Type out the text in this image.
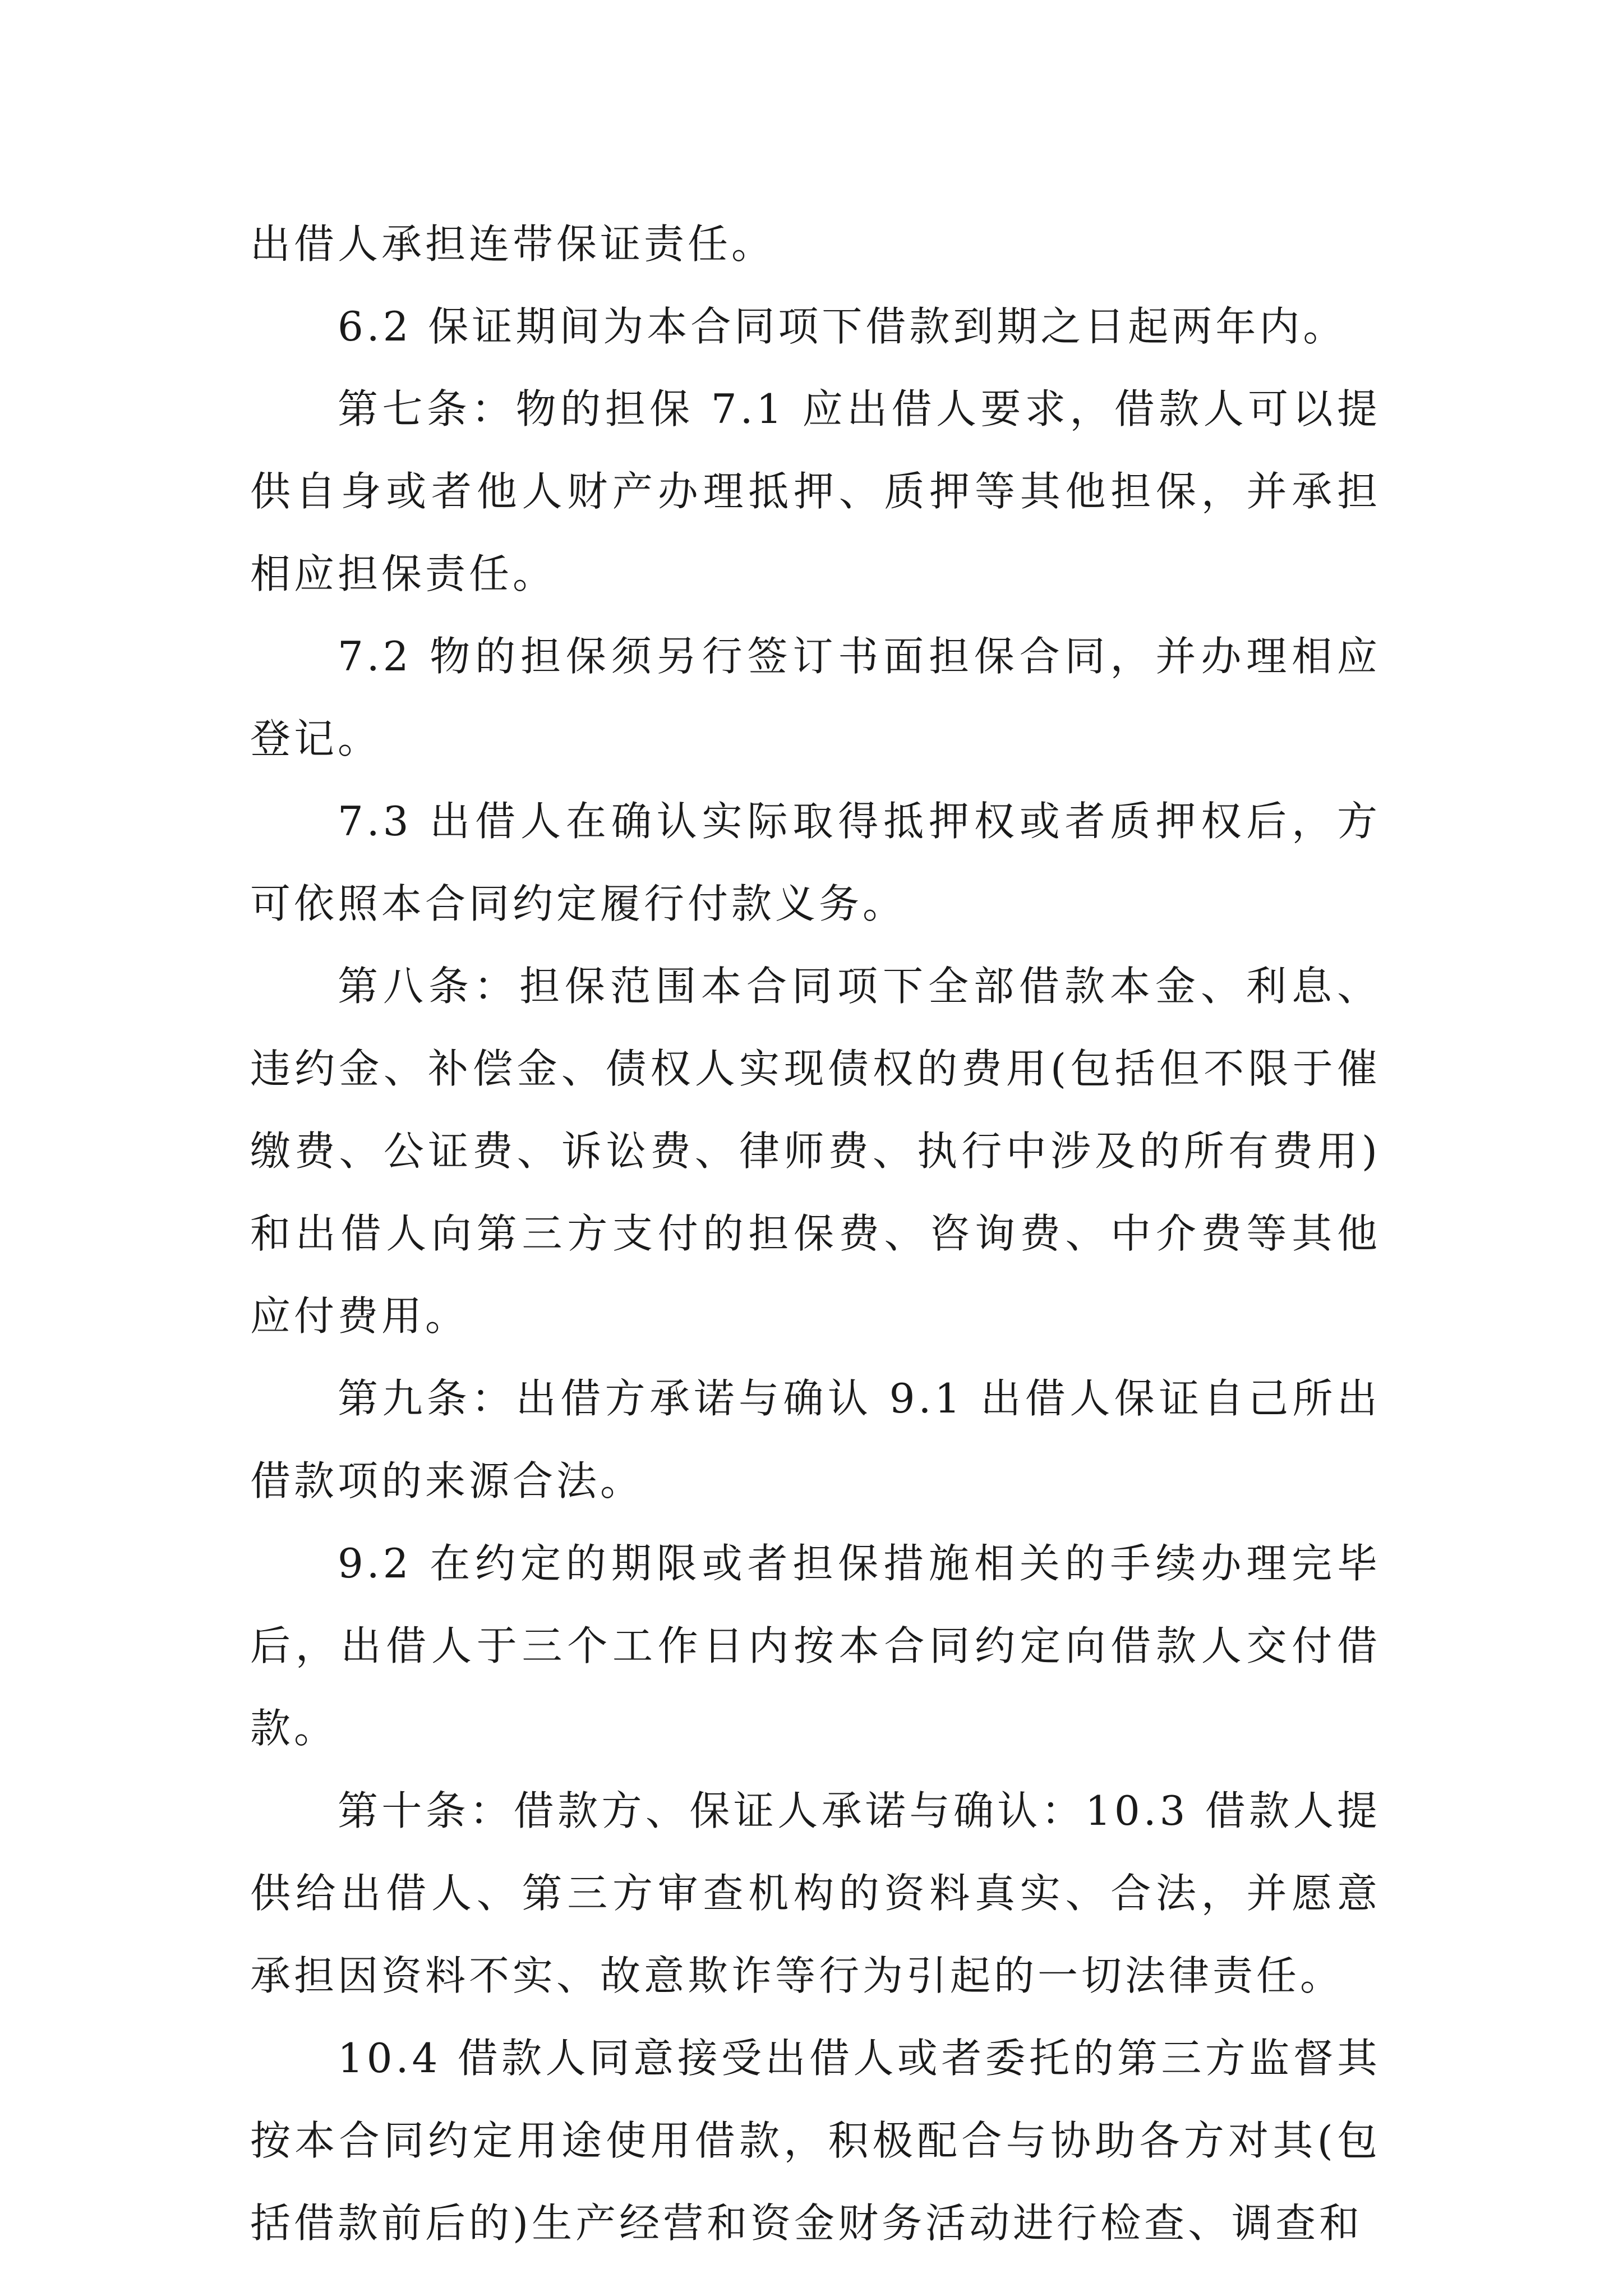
出借人承担连带保证责任。

6.2 保证期间为本合同项下借款到期之日起两年内。

第七条：物的担保 7.1 应出借人要求，借款人可以提供自身或者他人财产办理抵押、质押等其他担保，并承担相应担保责任。

7.2 物的担保须另行签订书面担保合同，并办理相应登记。

7.3 出借人在确认实际取得抵押权或者质押权后，方可依照本合同约定履行付款义务。

第八条：担保范围本合同项下全部借款本金、利息、违约金、补偿金、债权人实现债权的费用(包括但不限于催缴费、公证费、诉讼费、律师费、执行中涉及的所有费用)和出借人向第三方支付的担保费、咨询费、中介费等其他应付费用。

第九条：出借方承诺与确认 9.1 出借人保证自己所出借款项的来源合法。

9.2 在约定的期限或者担保措施相关的手续办理完毕后，出借人于三个工作日内按本合同约定向借款人交付借款。

第十条：借款方、保证人承诺与确认：10.3 借款人提供给出借人、第三方审查机构的资料真实、合法，并愿意承担因资料不实、故意欺诈等行为引起的一切法律责任。

10.4 借款人同意接受出借人或者委托的第三方监督其按本合同约定用途使用借款，积极配合与协助各方对其(包括借款前后的)生产经营和资金财务活动进行检查、调查和
